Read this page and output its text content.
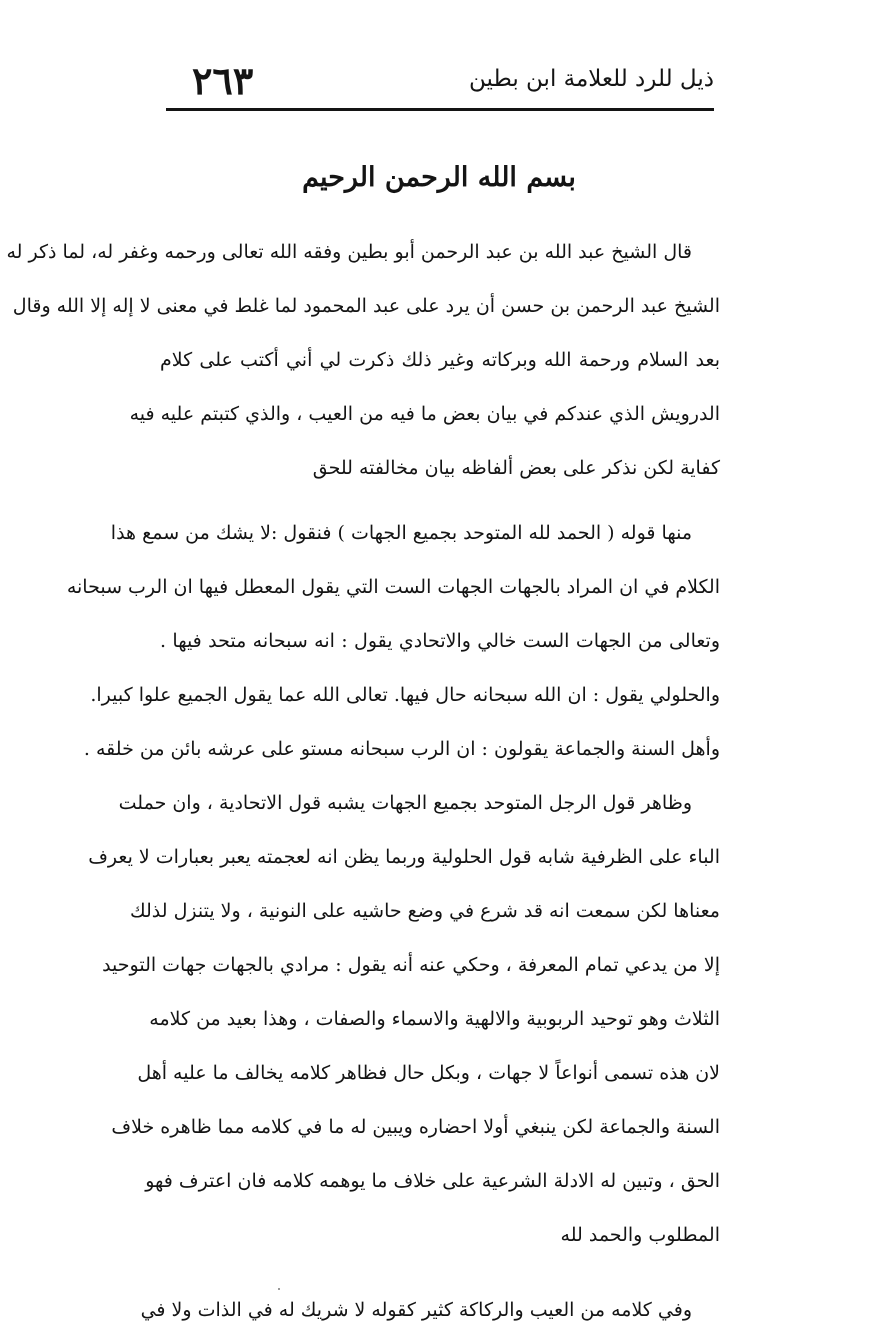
ذيل للرد للعلامة ابن بطين
٢٦٣
بسم الله الرحمن الرحيم
قال الشيخ عبد الله بن عبد الرحمن أبو بطين وفقه الله تعالى ورحمه وغفر له، لما ذكر له
الشيخ عبد الرحمن بن حسن أن يرد على عبد المحمود لما غلط في معنى لا إله إلا الله وقال
بعد السلام ورحمة الله وبركاته وغير ذلك ذكرت لي أني أكتب على كلام
الدرويش الذي عندكم في بيان بعض ما فيه من العيب ، والذي كتبتم عليه فيه
كفاية لكن نذكر على بعض ألفاظه بيان مخالفته للحق
منها قوله ( الحمد لله المتوحد بجميع الجهات ) فنقول :لا يشك من سمع هذا
الكلام في ان المراد بالجهات الجهات الست التي يقول المعطل فيها ان الرب سبحانه
وتعالى من الجهات الست خالي والاتحادي يقول : انه سبحانه متحد فيها .
والحلولي يقول : ان الله سبحانه حال فيها. تعالى الله عما يقول الجميع علوا كبيرا.
وأهل السنة والجماعة يقولون : ان الرب سبحانه مستو على عرشه بائن من خلقه .
وظاهر قول الرجل المتوحد بجميع الجهات يشبه قول الاتحادية ، وان حملت
الباء على الظرفية شابه قول الحلولية وربما يظن انه لعجمته يعبر بعبارات لا يعرف
معناها لكن سمعت انه قد شرع في وضع حاشيه على النونية ، ولا يتنزل لذلك
إلا من يدعي تمام المعرفة ، وحكي عنه أنه يقول : مرادي بالجهات جهات التوحيد
الثلاث وهو توحيد الربوبية والالهية والاسماء والصفات ، وهذا بعيد من كلامه
لان هذه تسمى أنواعاً لا جهات ، وبكل حال فظاهر كلامه يخالف ما عليه أهل
السنة والجماعة لكن ينبغي أولا احضاره ويبين له ما في كلامه مما ظاهره خلاف
الحق ، وتبين له الادلة الشرعية على خلاف ما يوهمه كلامه فان اعترف فهو
المطلوب والحمد لله
وفي كلامه من العيب والركاكة كثير كقوله لا شريك له في الذات ولا في
